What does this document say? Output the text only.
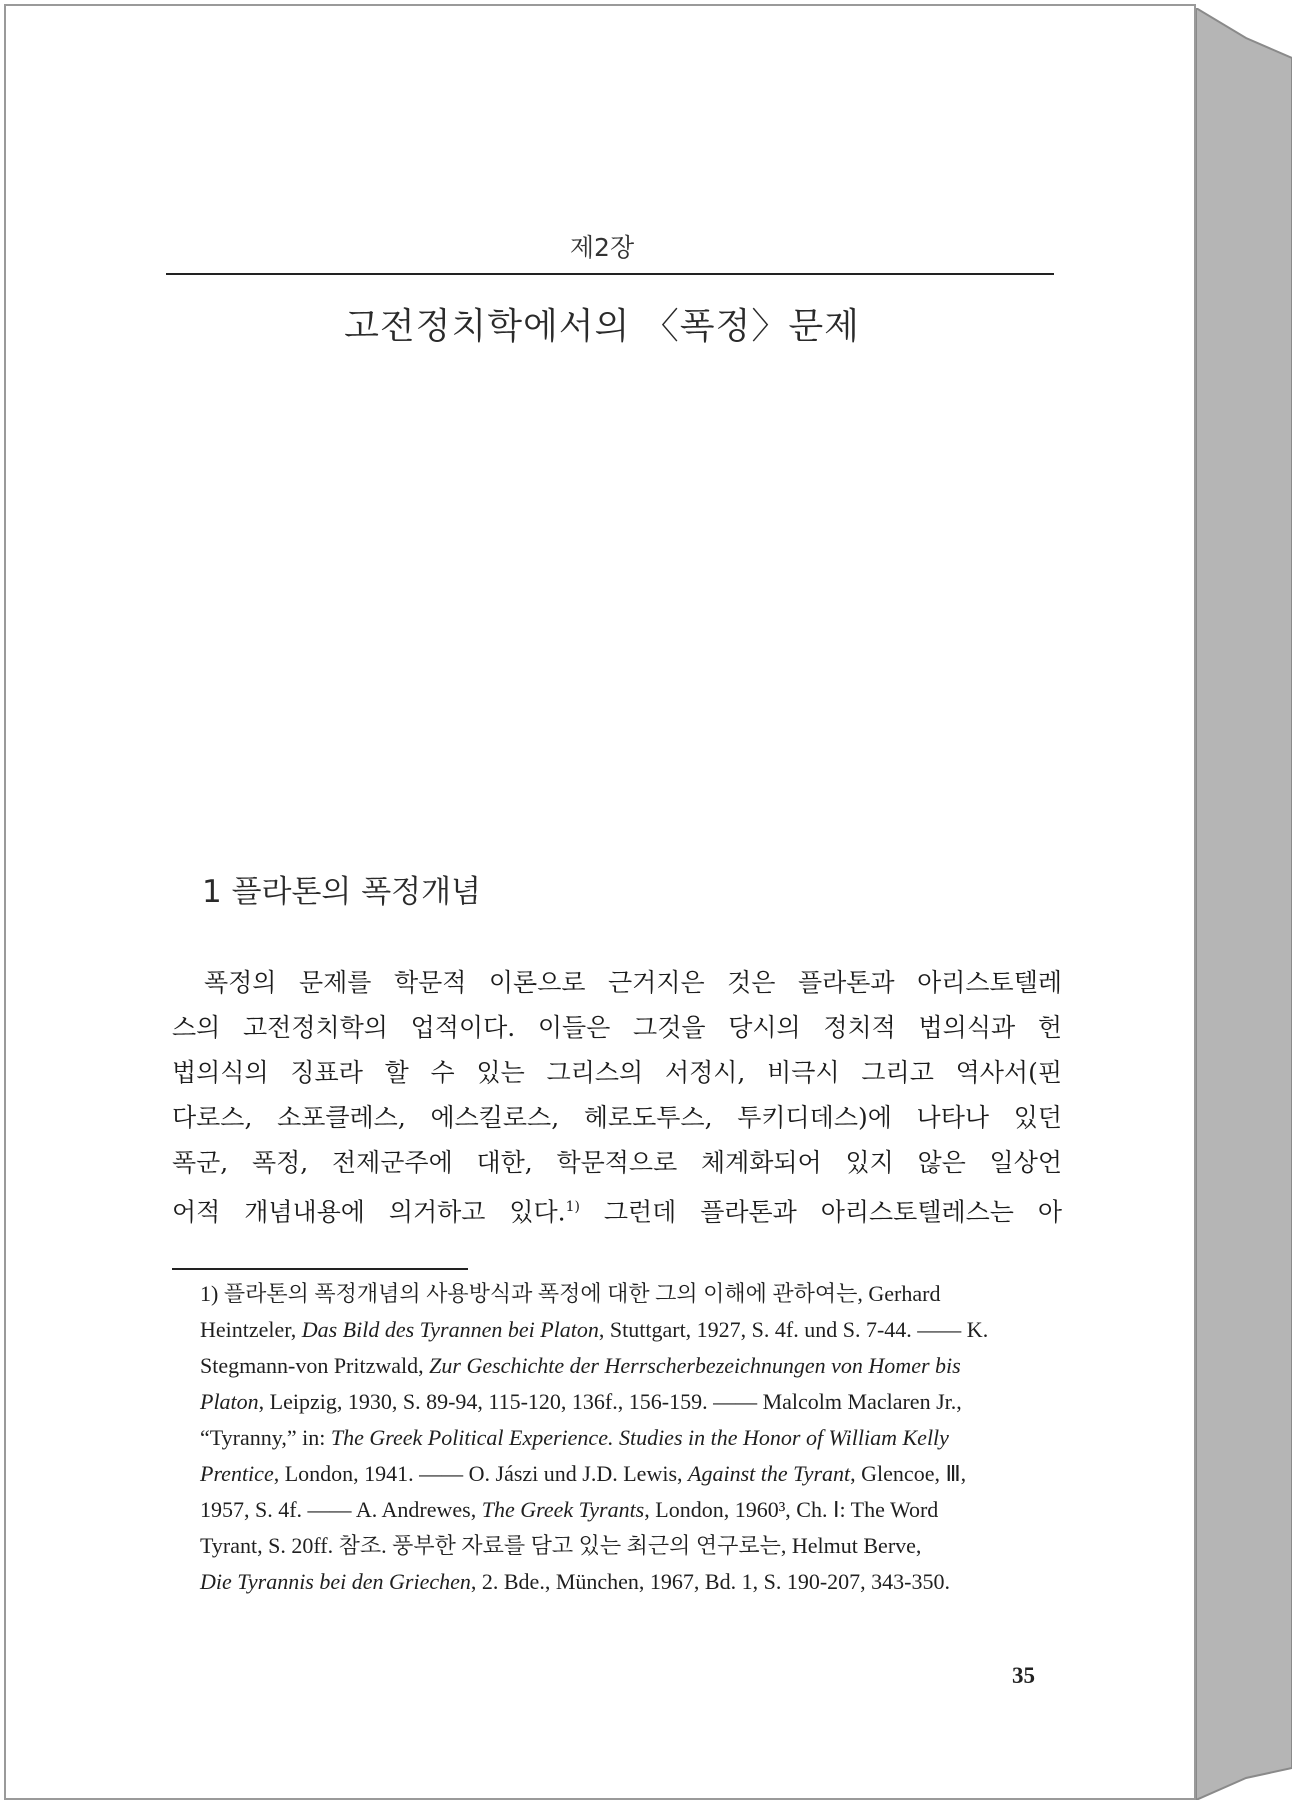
제2장
고전정치학에서의 〈폭정〉문제
1 플라톤의 폭정개념
폭정의 문제를 학문적 이론으로 근거지은 것은 플라톤과 아리스토텔레
스의 고전정치학의 업적이다. 이들은 그것을 당시의 정치적 법의식과 헌
법의식의 징표라 할 수 있는 그리스의 서정시, 비극시 그리고 역사서(핀
다로스, 소포클레스, 에스킬로스, 헤로도투스, 투키디데스)에 나타나 있던
폭군, 폭정, 전제군주에 대한, 학문적으로 체계화되어 있지 않은 일상언
어적 개념내용에 의거하고 있다.$^{1)}$ 그런데 플라톤과 아리스토텔레스는 아
1) 플라톤의 폭정개념의 사용방식과 폭정에 대한 그의 이해에 관하여는, Gerhard
Heintzeler, Das Bild des Tyrannen bei Platon, Stuttgart, 1927, S. 4f. und S. 7-44. —— K.
Stegmann-von Pritzwald, Zur Geschichte der Herrscherbezeichnungen von Homer bis
Platon, Leipzig, 1930, S. 89-94, 115-120, 136f., 156-159. —— Malcolm Maclaren Jr.,
“Tyranny,” in: The Greek Political Experience. Studies in the Honor of William Kelly
Prentice, London, 1941. —— O. Jászi und J.D. Lewis, Against the Tyrant, Glencoe, Ⅲ,
1957, S. 4f. —— A. Andrewes, The Greek Tyrants, London, 1960³, Ch. Ⅰ: The Word
Tyrant, S. 20ff. 참조. 풍부한 자료를 담고 있는 최근의 연구로는, Helmut Berve,
Die Tyrannis bei den Griechen, 2. Bde., München, 1967, Bd. 1, S. 190-207, 343-350.
35
